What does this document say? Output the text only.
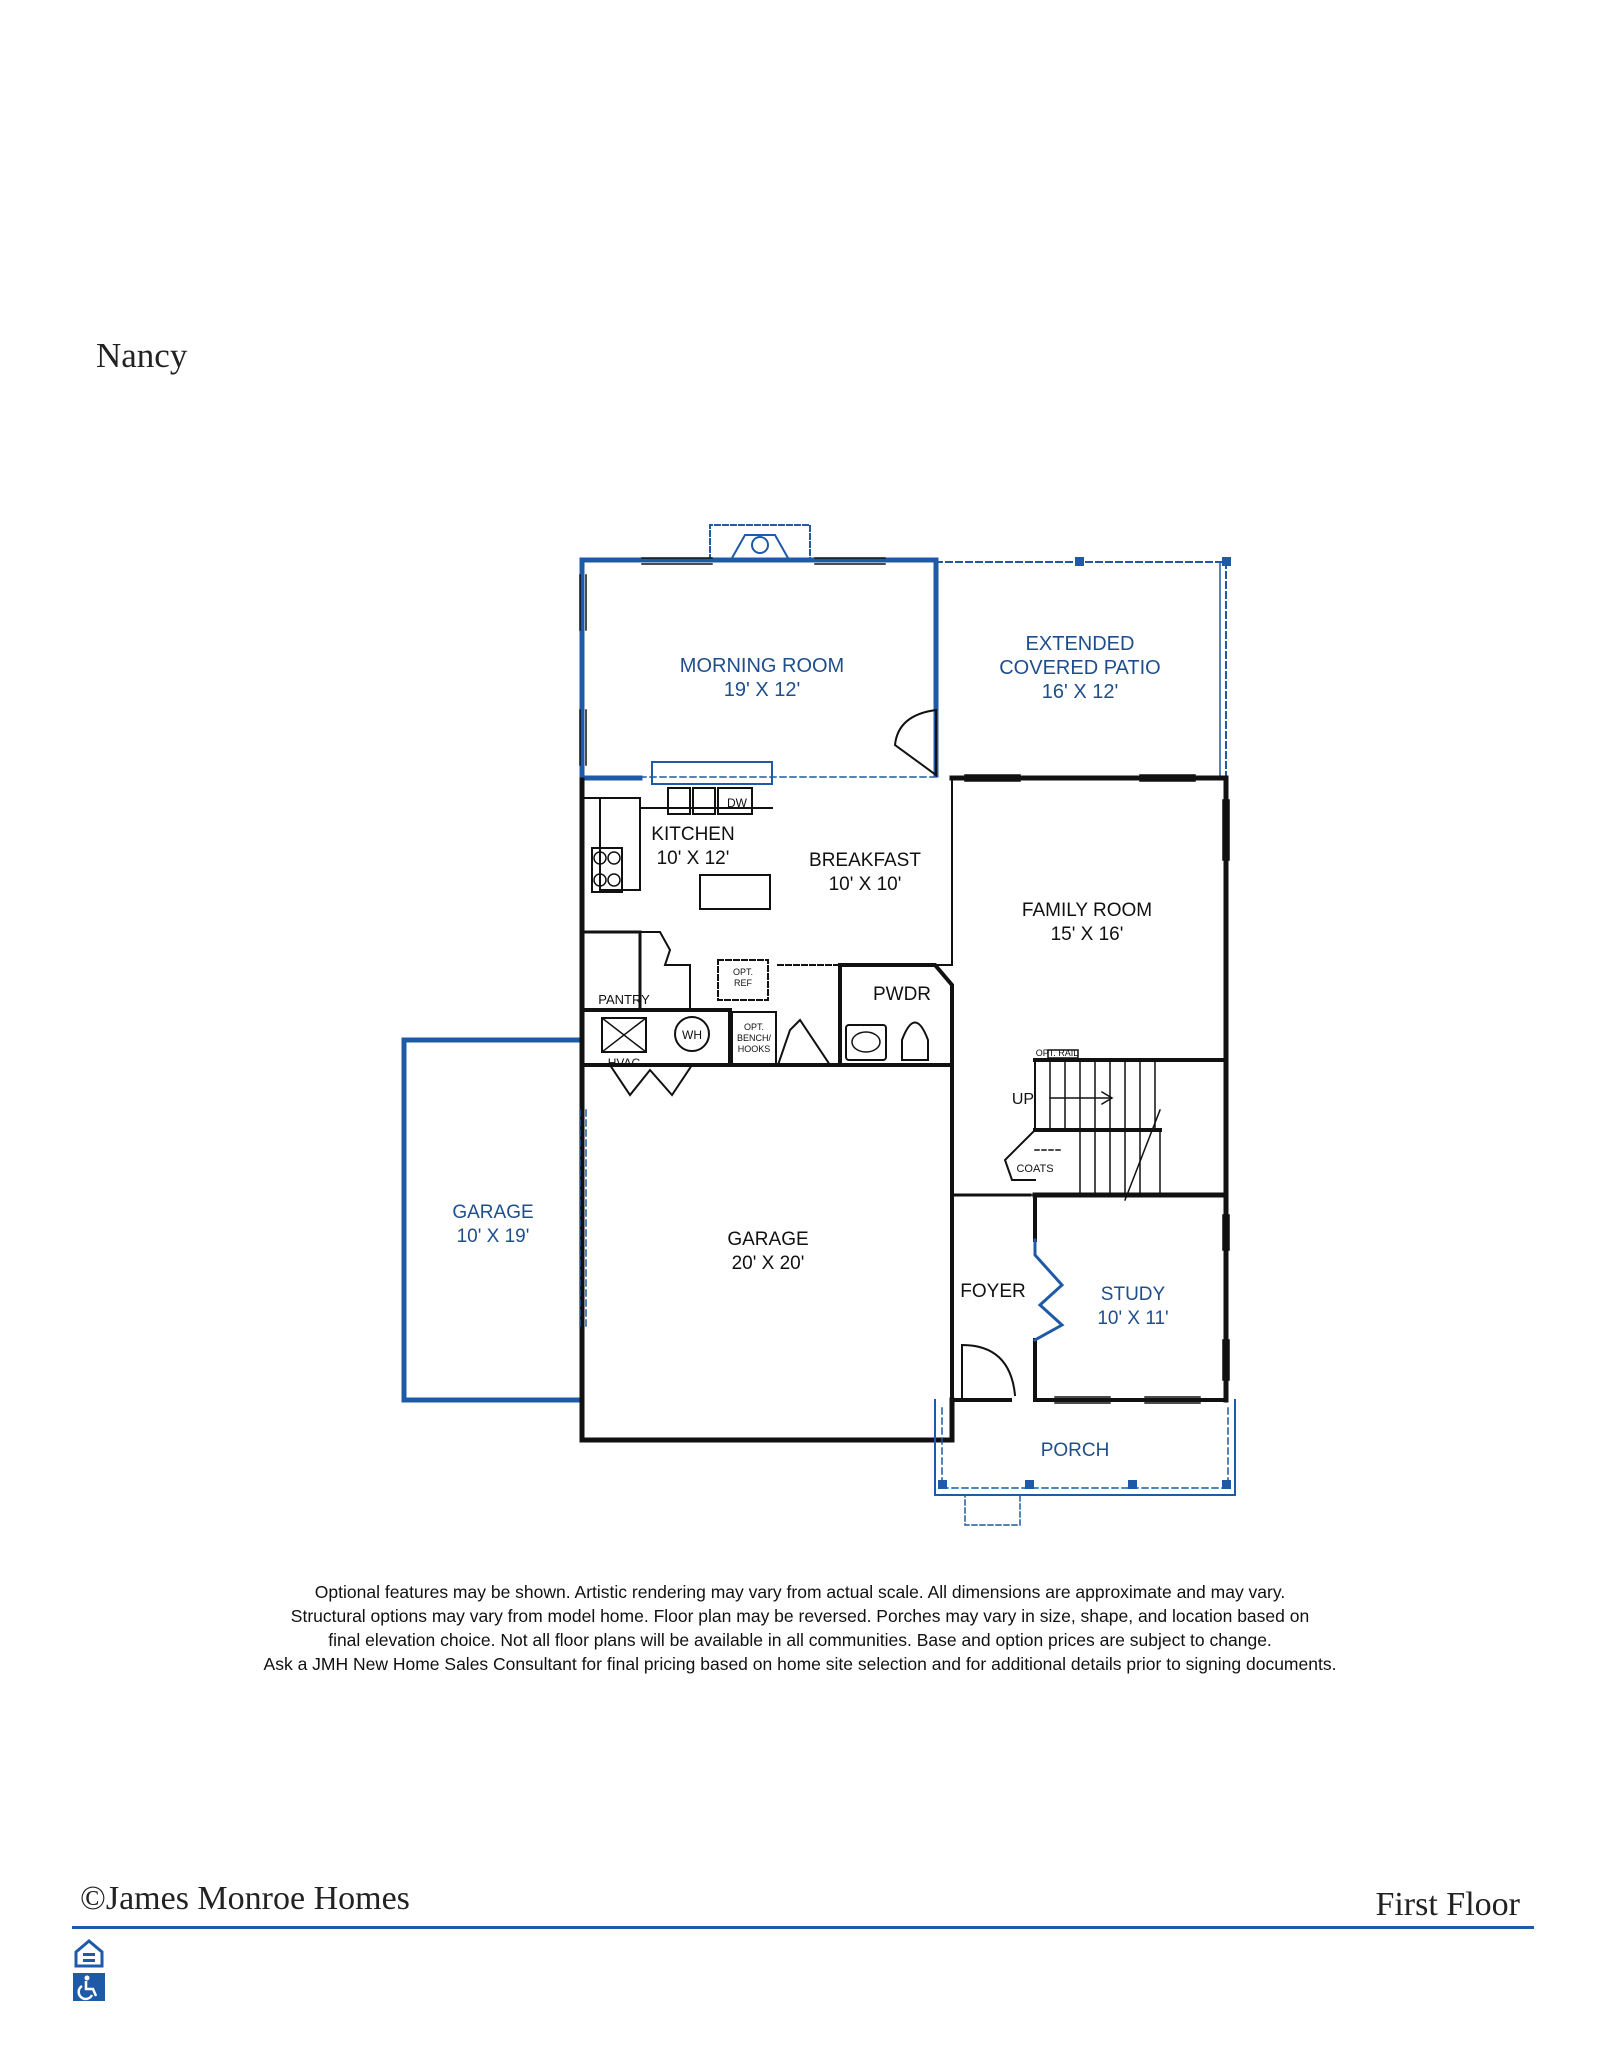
Nancy
MORNING ROOM
19' X 12'
EXTENDED
COVERED PATIO
16' X 12'
KITCHEN
10' X 12'	BREAKFAST
10' X 10'
FAMILY ROOM
15' X 16'
GARAGE
10' X 19'	GARAGE
20' X 20'
STUDY
10' X 11'
FOYER
PORCH
PWDR
PANTRY
DW
WH
HVAC
OPT.
REF
OPT.
BENCH/
HOOKS	OPT. RAIL
UP
COATS
Optional features may be shown. Artistic rendering may vary from actual scale. All dimensions are approximate and may vary.
Structural options may vary from model home. Floor plan may be reversed. Porches may vary in size, shape, and location based on
final elevation choice. Not all floor plans will be available in all communities. Base and option prices are subject to change.
Ask a JMH New Home Sales Consultant for final pricing based on home site selection and for additional details prior to signing documents.
©James Monroe Homes	First Floor
